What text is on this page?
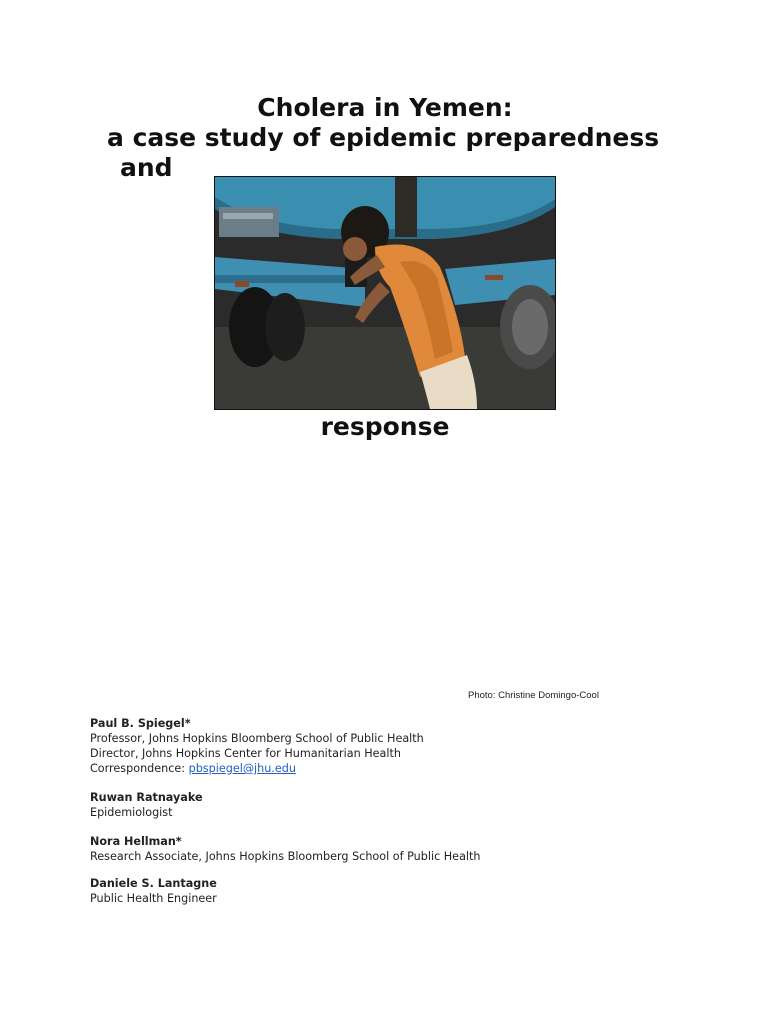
Cholera in Yemen:
a case study of epidemic preparedness
and
response
Photo: Christine Domingo-Cool
Paul B. Spiegel*
Professor, Johns Hopkins Bloomberg School of Public Health
Director, Johns Hopkins Center for Humanitarian Health
Correspondence: pbspiegel@jhu.edu
Ruwan Ratnayake
Epidemiologist
Nora Hellman*
Research Associate, Johns Hopkins Bloomberg School of Public Health
Daniele S. Lantagne
Public Health Engineer
